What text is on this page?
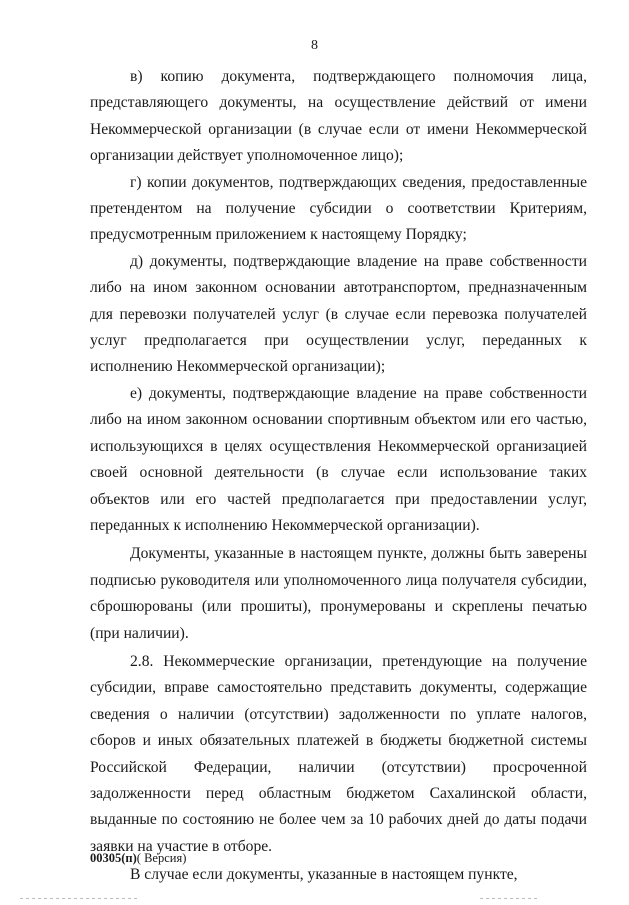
8

в) копию документа, подтверждающего полномочия лица, представляющего документы, на осуществление действий от имени Некоммерческой организации (в случае если от имени Некоммерческой организации действует уполномоченное лицо);

г) копии документов, подтверждающих сведения, предоставленные претендентом на получение субсидии о соответствии Критериям, предусмотренным приложением к настоящему Порядку;

д) документы, подтверждающие владение на праве собственности либо на ином законном основании автотранспортом, предназначенным для перевозки получателей услуг (в случае если перевозка получателей услуг предполагается при осуществлении услуг, переданных к исполнению Некоммерческой организации);

е) документы, подтверждающие владение на праве собственности либо на ином законном основании спортивным объектом или его частью, использующихся в целях осуществления Некоммерческой организацией своей основной деятельности (в случае если использование таких объектов или его частей предполагается при предоставлении услуг, переданных к исполнению Некоммерческой организации).

Документы, указанные в настоящем пункте, должны быть заверены подписью руководителя или уполномоченного лица получателя субсидии, сброшюрованы (или прошиты), пронумерованы и скреплены печатью (при наличии).

2.8. Некоммерческие организации, претендующие на получение субсидии, вправе самостоятельно представить документы, содержащие сведения о наличии (отсутствии) задолженности по уплате налогов, сборов и иных обязательных платежей в бюджеты бюджетной системы Российской Федерации, наличии (отсутствии) просроченной задолженности перед областным бюджетом Сахалинской области, выданные по состоянию не более чем за 10 рабочих дней до даты подачи заявки на участие в отборе.

В случае если документы, указанные в настоящем пункте,

00305(п)( Версия)
